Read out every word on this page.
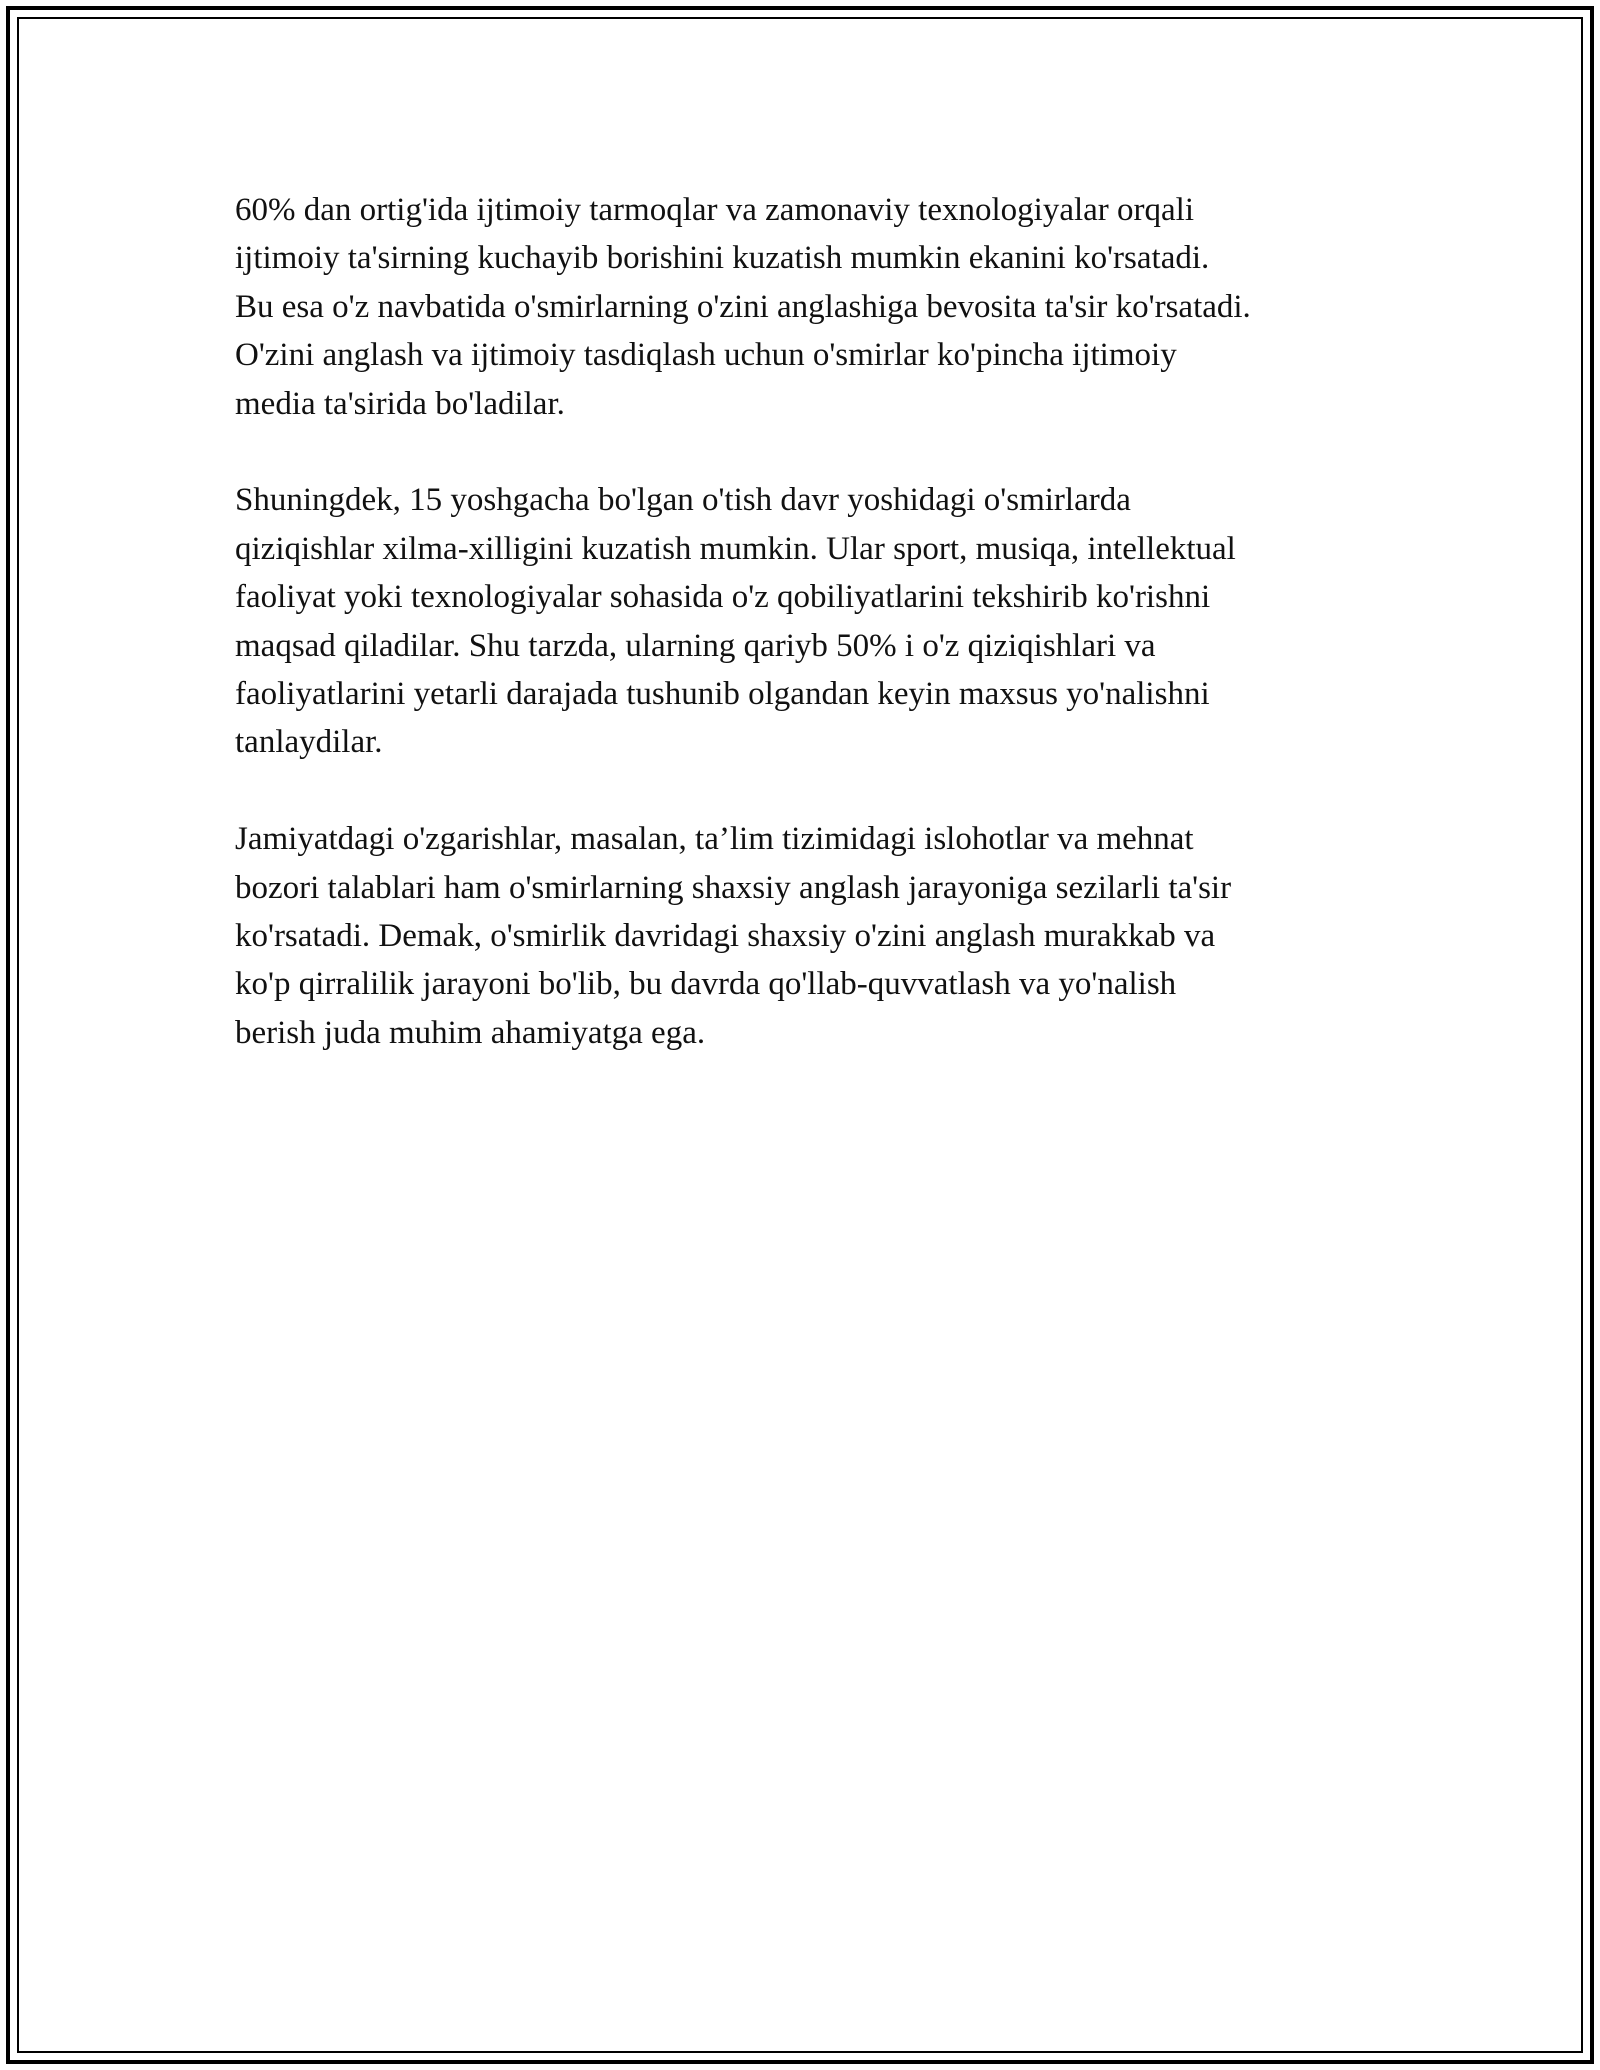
60% dan ortig'ida ijtimoiy tarmoqlar va zamonaviy texnologiyalar orqali
ijtimoiy ta'sirning kuchayib borishini kuzatish mumkin ekanini ko'rsatadi.
Bu esa o'z navbatida o'smirlarning o'zini anglashiga bevosita ta'sir ko'rsatadi.
O'zini anglash va ijtimoiy tasdiqlash uchun o'smirlar ko'pincha ijtimoiy
media ta'sirida bo'ladilar.

Shuningdek, 15 yoshgacha bo'lgan o'tish davr yoshidagi o'smirlarda
qiziqishlar xilma-xilligini kuzatish mumkin. Ular sport, musiqa, intellektual
faoliyat yoki texnologiyalar sohasida o'z qobiliyatlarini tekshirib ko'rishni
maqsad qiladilar. Shu tarzda, ularning qariyb 50% i o'z qiziqishlari va
faoliyatlarini yetarli darajada tushunib olgandan keyin maxsus yo'nalishni
tanlaydilar.

Jamiyatdagi o'zgarishlar, masalan, ta’lim tizimidagi islohotlar va mehnat
bozori talablari ham o'smirlarning shaxsiy anglash jarayoniga sezilarli ta'sir
ko'rsatadi. Demak, o'smirlik davridagi shaxsiy o'zini anglash murakkab va
ko'p qirralilik jarayoni bo'lib, bu davrda qo'llab-quvvatlash va yo'nalish
berish juda muhim ahamiyatga ega.
